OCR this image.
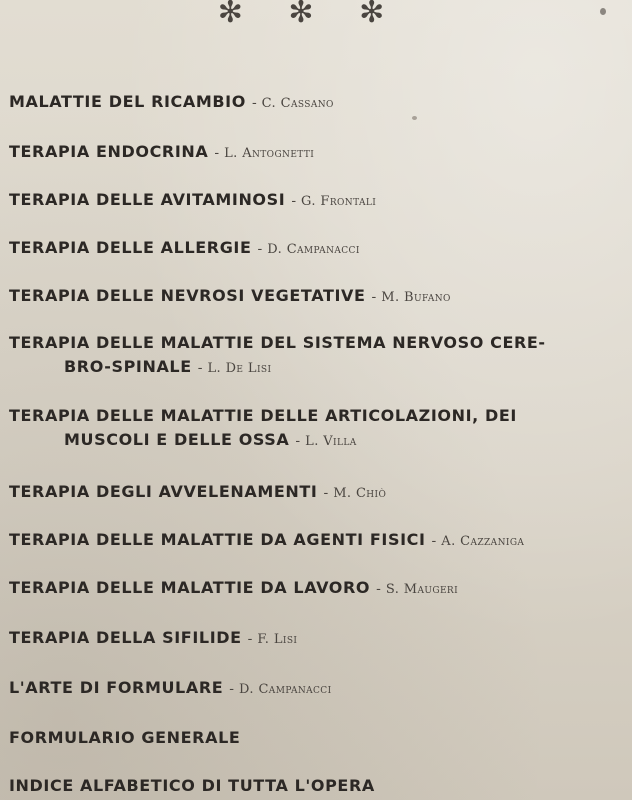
✻ ✻ ✻
MALATTIE DEL RICAMBIO - C. Cassano
TERAPIA ENDOCRINA - L. Antognetti
TERAPIA DELLE AVITAMINOSI - G. Frontali
TERAPIA DELLE ALLERGIE - D. Campanacci
TERAPIA DELLE NEVROSI VEGETATIVE - M. Bufano
TERAPIA DELLE MALATTIE DEL SISTEMA NERVOSO CERE-
BRO-SPINALE - L. De Lisi
TERAPIA DELLE MALATTIE DELLE ARTICOLAZIONI, DEI
MUSCOLI E DELLE OSSA - L. Villa
TERAPIA DEGLI AVVELENAMENTI - M. Chiò
TERAPIA DELLE MALATTIE DA AGENTI FISICI - A. Cazzaniga
TERAPIA DELLE MALATTIE DA LAVORO - S. Maugeri
TERAPIA DELLA SIFILIDE - F. Lisi
L'ARTE DI FORMULARE - D. Campanacci
FORMULARIO GENERALE
INDICE ALFABETICO DI TUTTA L'OPERA
